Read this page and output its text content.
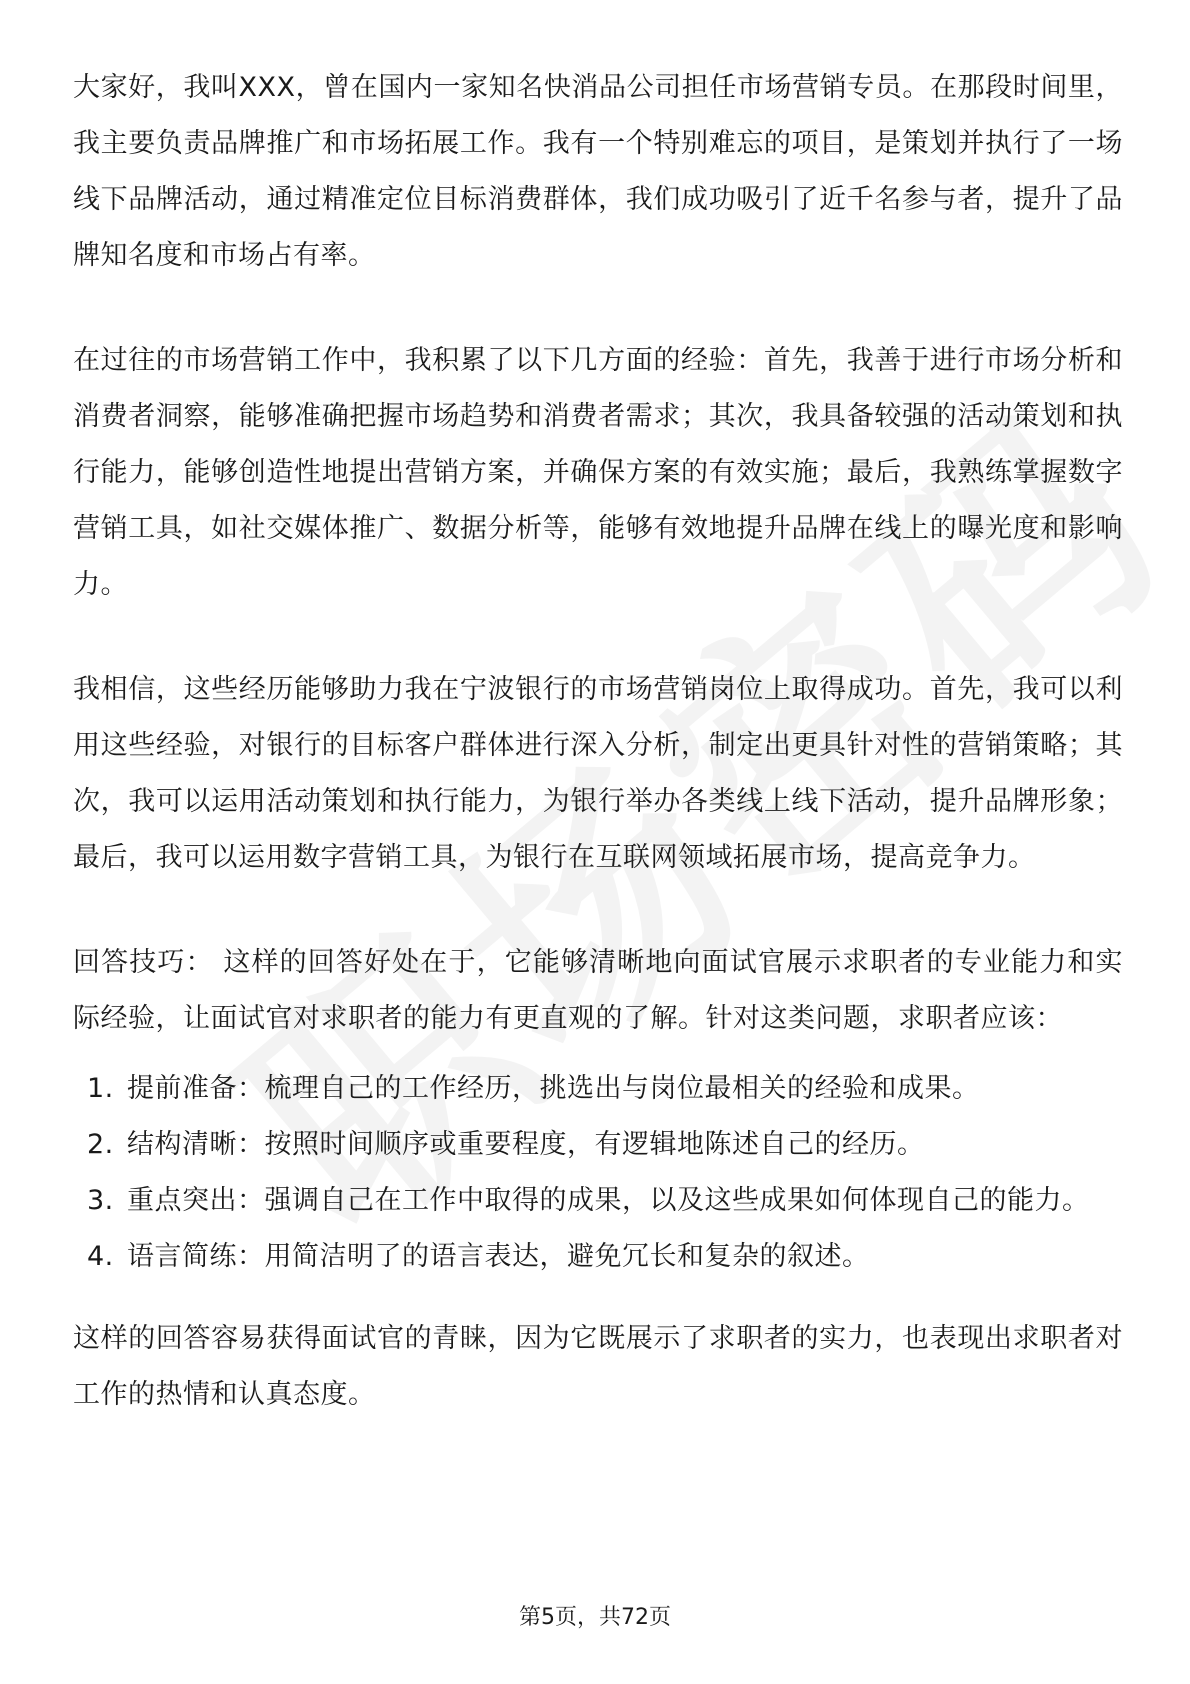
大家好，我叫XXX，曾在国内一家知名快消品公司担任市场营销专员。在那段时间里，我主要负责品牌推广和市场拓展工作。我有一个特别难忘的项目，是策划并执行了一场线下品牌活动，通过精准定位目标消费群体，我们成功吸引了近千名参与者，提升了品牌知名度和市场占有率。

在过往的市场营销工作中，我积累了以下几方面的经验：首先，我善于进行市场分析和消费者洞察，能够准确把握市场趋势和消费者需求；其次，我具备较强的活动策划和执行能力，能够创造性地提出营销方案，并确保方案的有效实施；最后，我熟练掌握数字营销工具，如社交媒体推广、数据分析等，能够有效地提升品牌在线上的曝光度和影响力。

我相信，这些经历能够助力我在宁波银行的市场营销岗位上取得成功。首先，我可以利用这些经验，对银行的目标客户群体进行深入分析，制定出更具针对性的营销策略；其次，我可以运用活动策划和执行能力，为银行举办各类线上线下活动，提升品牌形象；最后，我可以运用数字营销工具，为银行在互联网领域拓展市场，提高竞争力。

回答技巧： 这样的回答好处在于，它能够清晰地向面试官展示求职者的专业能力和实际经验，让面试官对求职者的能力有更直观的了解。针对这类问题，求职者应该：

1. 提前准备：梳理自己的工作经历，挑选出与岗位最相关的经验和成果。
2. 结构清晰：按照时间顺序或重要程度，有逻辑地陈述自己的经历。
3. 重点突出：强调自己在工作中取得的成果，以及这些成果如何体现自己的能力。
4. 语言简练：用简洁明了的语言表达，避免冗长和复杂的叙述。

这样的回答容易获得面试官的青睐，因为它既展示了求职者的实力，也表现出求职者对工作的热情和认真态度。

第5页，共72页
